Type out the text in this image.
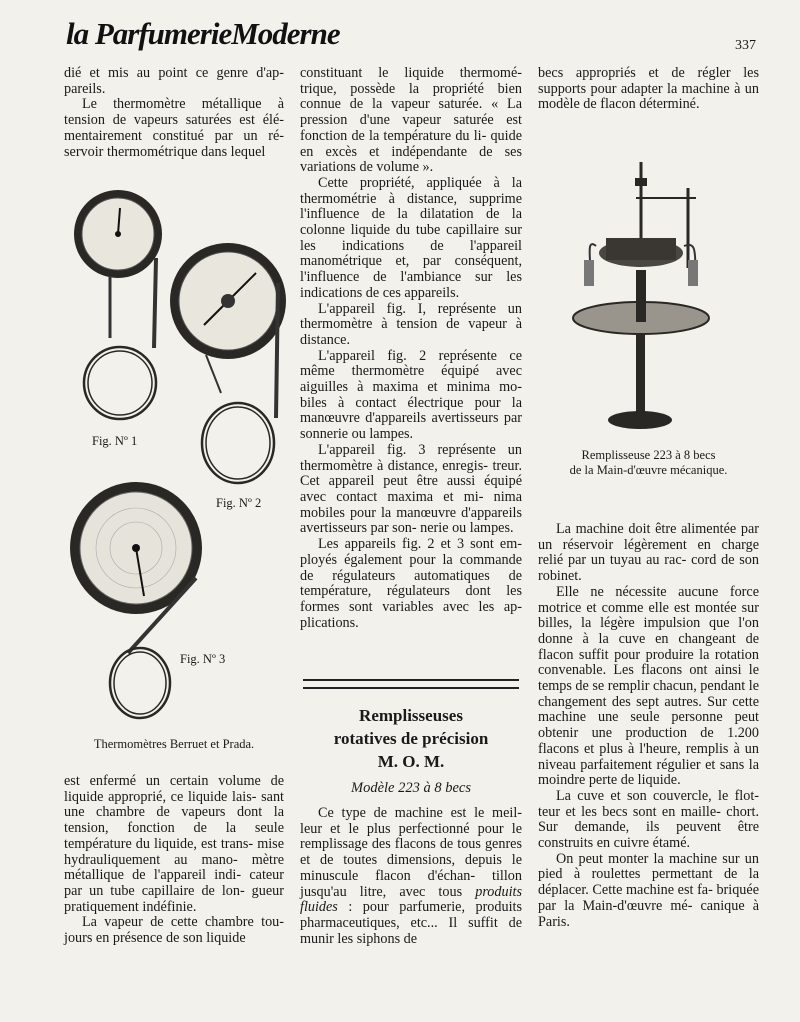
la ParfumerieModerne	337

dié et mis au point ce genre d'ap- pareils.

Le thermomètre métallique à tension de vapeurs saturées est élé- mentairement constitué par un ré- servoir thermométrique dans lequel

Fig. Nº 1
Fig. Nº 2
Fig. Nº 3
Thermomètres Berruet et Prada.

est enfermé un certain volume de liquide approprié, ce liquide lais- sant une chambre de vapeurs dont la tension, fonction de la seule température du liquide, est trans- mise hydrauliquement au mano- mètre métallique de l'appareil indi- cateur par un tube capillaire de lon- gueur pratiquement indéfinie.

La vapeur de cette chambre tou- jours en présence de son liquide

constituant le liquide thermomé- trique, possède la propriété bien connue de la vapeur saturée. « La pression d'une vapeur saturée est fonction de la température du li- quide en excès et indépendante de ses variations de volume ».

Cette propriété, appliquée à la thermométrie à distance, supprime l'influence de la dilatation de la colonne liquide du tube capillaire sur les indications de l'appareil manométrique et, par conséquent, l'influence de l'ambiance sur les indications de ces appareils.

L'appareil fig. I, représente un thermomètre à tension de vapeur à distance.

L'appareil fig. 2 représente ce même thermomètre équipé avec aiguilles à maxima et minima mo- biles à contact électrique pour la manœuvre d'appareils avertisseurs par sonnerie ou lampes.

L'appareil fig. 3 représente un thermomètre à distance, enregis- treur. Cet appareil peut être aussi équipé avec contact maxima et mi- nima mobiles pour la manœuvre d'appareils avertisseurs par son- nerie ou lampes.

Les appareils fig. 2 et 3 sont em- ployés également pour la commande de régulateurs automatiques de température, régulateurs dont les formes sont variables avec les ap- plications.

Remplisseuses
rotatives de précision
M. O. M.
Modèle 223 à 8 becs

Ce type de machine est le meil- leur et le plus perfectionné pour le remplissage des flacons de tous genres et de toutes dimensions, depuis le minuscule flacon d'échan- tillon jusqu'au litre, avec tous produits fluides : pour parfumerie, produits pharmaceutiques, etc... Il suffit de munir les siphons de

becs appropriés et de régler les supports pour adapter la machine à un modèle de flacon déterminé.

Remplisseuse 223 à 8 becs
de la Main-d'œuvre mécanique.

La machine doit être alimentée par un réservoir légèrement en charge relié par un tuyau au rac- cord de son robinet.

Elle ne nécessite aucune force motrice et comme elle est montée sur billes, la légère impulsion que l'on donne à la cuve en changeant de flacon suffit pour produire la rotation convenable. Les flacons ont ainsi le temps de se remplir chacun, pendant le changement des sept autres. Sur cette machine une seule personne peut obtenir une production de 1.200 flacons et plus à l'heure, remplis à un niveau parfaitement régulier et sans la moindre perte de liquide.

La cuve et son couvercle, le flot- teur et les becs sont en maille- chort. Sur demande, ils peuvent être construits en cuivre étamé.

On peut monter la machine sur un pied à roulettes permettant de la déplacer. Cette machine est fa- briquée par la Main-d'œuvre mé- canique à Paris.
